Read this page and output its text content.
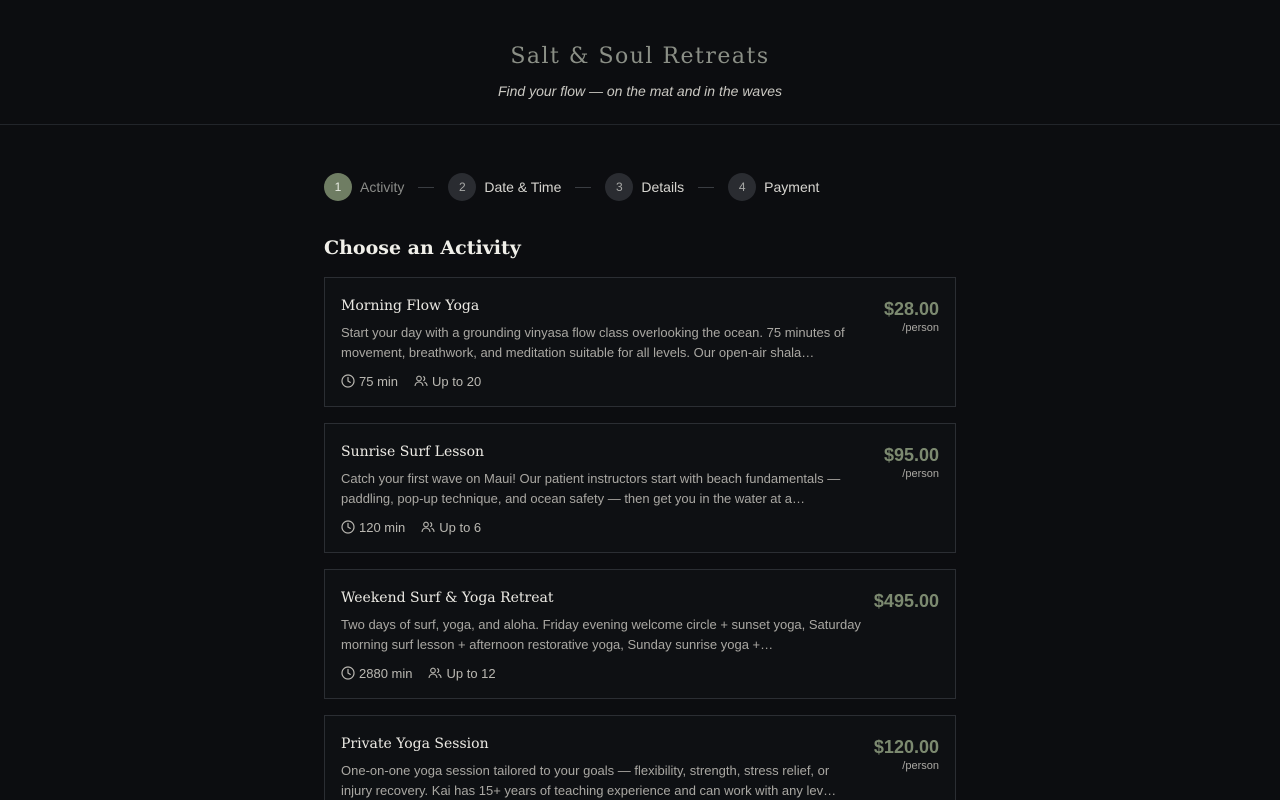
Salt & Soul Retreats
Find your flow — on the mat and in the waves
1	Activity	2	Date & Time	3	Details	4	Payment
Choose an Activity
Morning Flow Yoga
Start your day with a grounding vinyasa flow class overlooking the ocean. 75 minutes of movement, breathwork, and meditation suitable for all levels. Our open-air shala…
75 min	Up to 20
$28.00
/person
Sunrise Surf Lesson
Catch your first wave on Maui! Our patient instructors start with beach fundamentals — paddling, pop-up technique, and ocean safety — then get you in the water at a…
120 min	Up to 6
$95.00
/person
Weekend Surf & Yoga Retreat
Two days of surf, yoga, and aloha. Friday evening welcome circle + sunset yoga, Saturday morning surf lesson + afternoon restorative yoga, Sunday sunrise yoga +…
2880 min	Up to 12
$495.00
Private Yoga Session
One-on-one yoga session tailored to your goals — flexibility, strength, stress relief, or injury recovery. Kai has 15+ years of teaching experience and can work with any lev…
$120.00
/person
